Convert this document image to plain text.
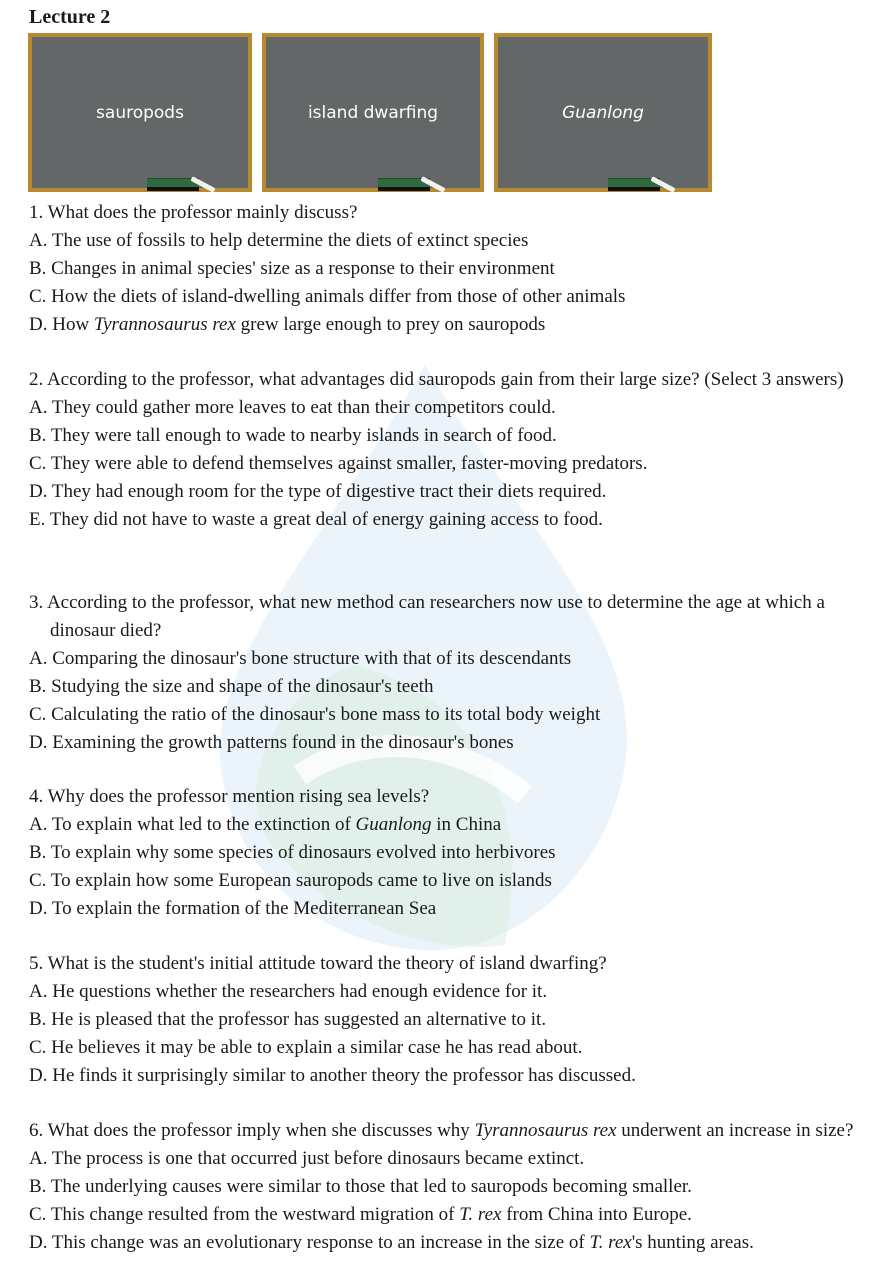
Lecture 2
sauropods	island dwarfing	Guanlong

1. What does the professor mainly discuss?

A. The use of fossils to help determine the diets of extinct species

B. Changes in animal species' size as a response to their environment

C. How the diets of island-dwelling animals differ from those of other animals

D. How Tyrannosaurus rex grew large enough to prey on sauropods

2. According to the professor, what advantages did sauropods gain from their large size? (Select 3 answers)

A. They could gather more leaves to eat than their competitors could.

B. They were tall enough to wade to nearby islands in search of food.

C. They were able to defend themselves against smaller, faster-moving predators.

D. They had enough room for the type of digestive tract their diets required.

E. They did not have to waste a great deal of energy gaining access to food.

3. According to the professor, what new method can researchers now use to determine the age at which a dinosaur died?

A. Comparing the dinosaur's bone structure with that of its descendants

B. Studying the size and shape of the dinosaur's teeth

C. Calculating the ratio of the dinosaur's bone mass to its total body weight

D. Examining the growth patterns found in the dinosaur's bones

4. Why does the professor mention rising sea levels?

A. To explain what led to the extinction of Guanlong in China

B. To explain why some species of dinosaurs evolved into herbivores

C. To explain how some European sauropods came to live on islands

D. To explain the formation of the Mediterranean Sea

5. What is the student's initial attitude toward the theory of island dwarfing?

A. He questions whether the researchers had enough evidence for it.

B. He is pleased that the professor has suggested an alternative to it.

C. He believes it may be able to explain a similar case he has read about.

D. He finds it surprisingly similar to another theory the professor has discussed.

6. What does the professor imply when she discusses why Tyrannosaurus rex underwent an increase in size?

A. The process is one that occurred just before dinosaurs became extinct.

B. The underlying causes were similar to those that led to sauropods becoming smaller.

C. This change resulted from the westward migration of T. rex from China into Europe.

D. This change was an evolutionary response to an increase in the size of T. rex's hunting areas.
